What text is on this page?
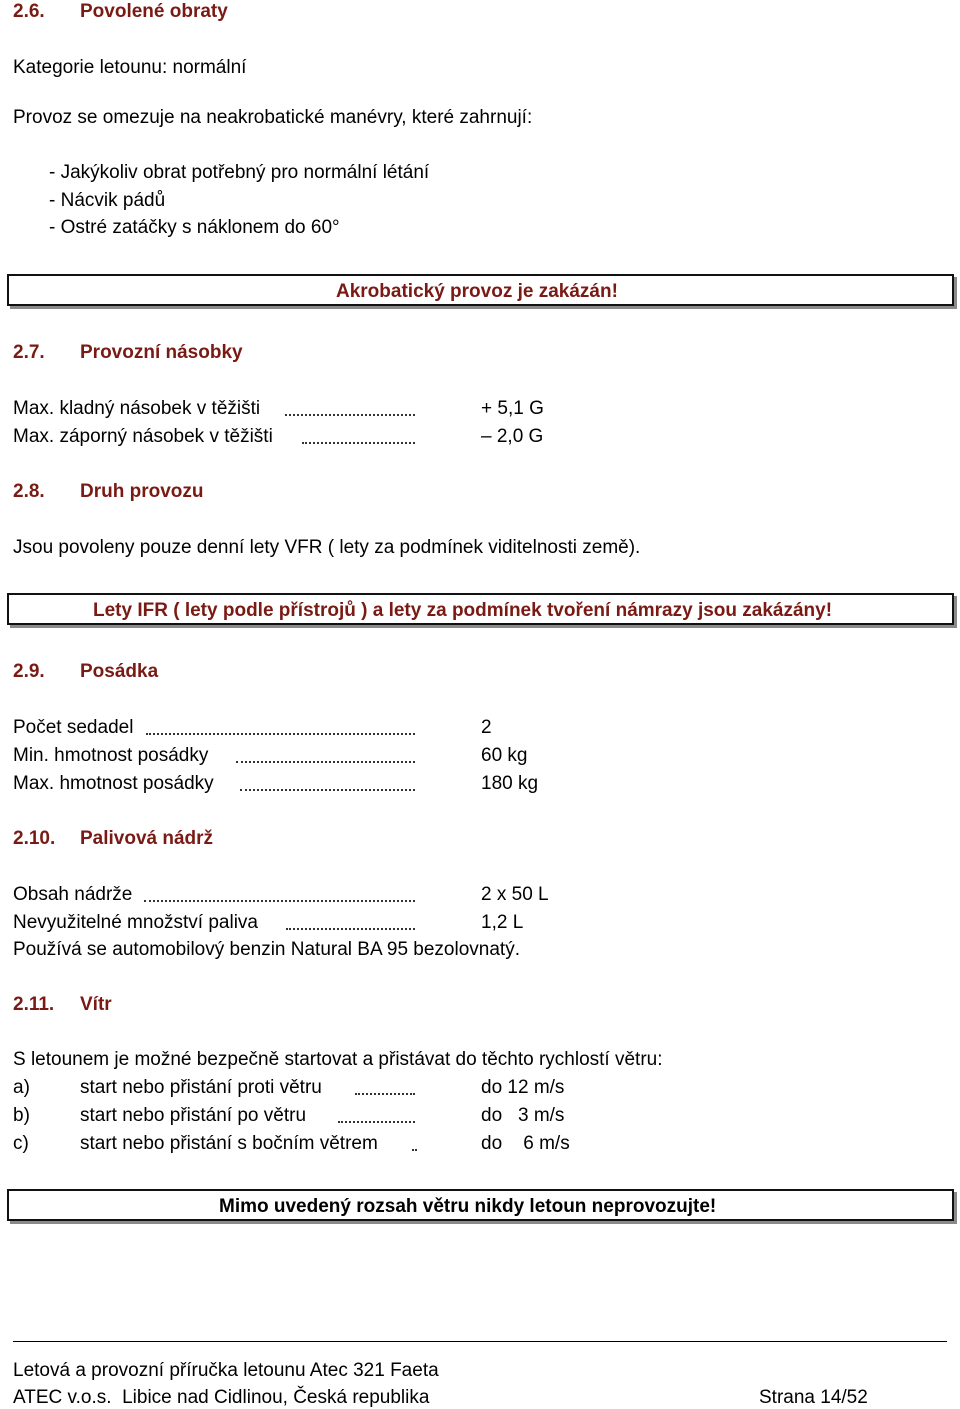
2.6. Povolené obraty
Kategorie letounu: normální
Provoz se omezuje na neakrobatické manévry, které zahrnují:
- Jakýkoliv obrat potřebný pro normální létání
- Nácvik pádů
- Ostré zatáčky s náklonem do 60°
Akrobatický provoz je zakázán!
2.7. Provozní násobky
Max. kladný násobek v těžišti	+ 5,1 G
Max. záporný násobek v těžišti	– 2,0 G
2.8. Druh provozu
Jsou povoleny pouze denní lety VFR ( lety za podmínek viditelnosti země).
Lety IFR ( lety podle přístrojů ) a lety za podmínek tvoření námrazy jsou zakázány!
2.9. Posádka
Počet sedadel	2
Min. hmotnost posádky	60 kg
Max. hmotnost posádky	180 kg
2.10. Palivová nádrž
Obsah nádrže	2 x 50 L
Nevyužitelné množství paliva	1,2 L
Používá se automobilový benzin Natural BA 95 bezolovnatý.
2.11. Vítr
S letounem je možné bezpečně startovat a přistávat do těchto rychlostí větru:
a)	start nebo přistání proti větru	do 12 m/s
b)	start nebo přistání po větru	do   3 m/s
c)	start nebo přistání s bočním větrem	do    6 m/s
Mimo uvedený rozsah větru nikdy letoun neprovozujte!
Letová a provozní příručka letounu Atec 321 Faeta
ATEC v.o.s.  Libice nad Cidlinou, Česká republika	Strana 14/52
